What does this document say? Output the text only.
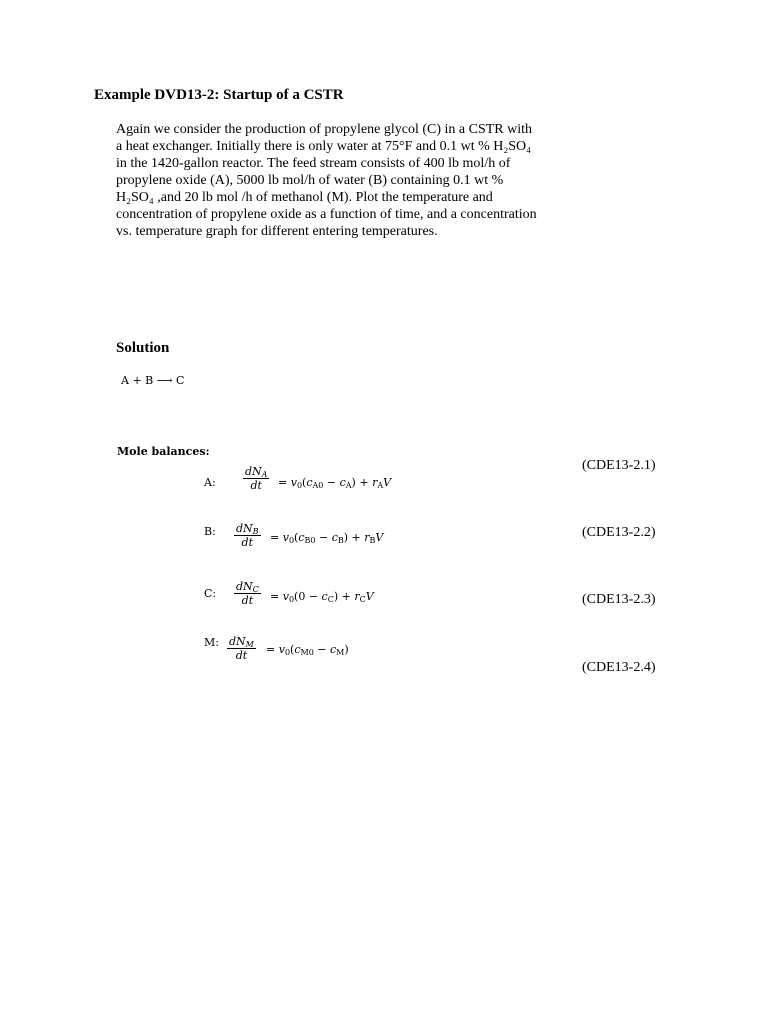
Example DVD13-2: Startup of a CSTR

Again we consider the production of propylene glycol (C) in a CSTR with

a heat exchanger. Initially there is only water at 75°F and 0.1 wt % H₂SO₄

in the 1420-gallon reactor. The feed stream consists of 400 lb mol/h of

propylene oxide (A), 5000 lb mol/h of water (B) containing 0.1 wt %

H₂SO₄ ,and 20 lb mol /h of methanol (M). Plot the temperature and

concentration of propylene oxide as a function of time, and a concentration

vs. temperature graph for different entering temperatures.

Solution
A + B ⟶ C
Mole balances:
A:
$dN_A$
dt	= $v_0(c_{A0} - c_A) + r_AV$
(CDE13-2.1)
B: $dN_B$
dt	= $v_0(c_{B0} - c_B) + r_BV$	(CDE13-2.2)
C:
$dN_C$
dt	= $v_0(0 - c_C) + r_CV$	(CDE13-2.3)
M: $dN_M$
dt	= $v_0(c_{M0} - c_M)$
(CDE13-2.4)
